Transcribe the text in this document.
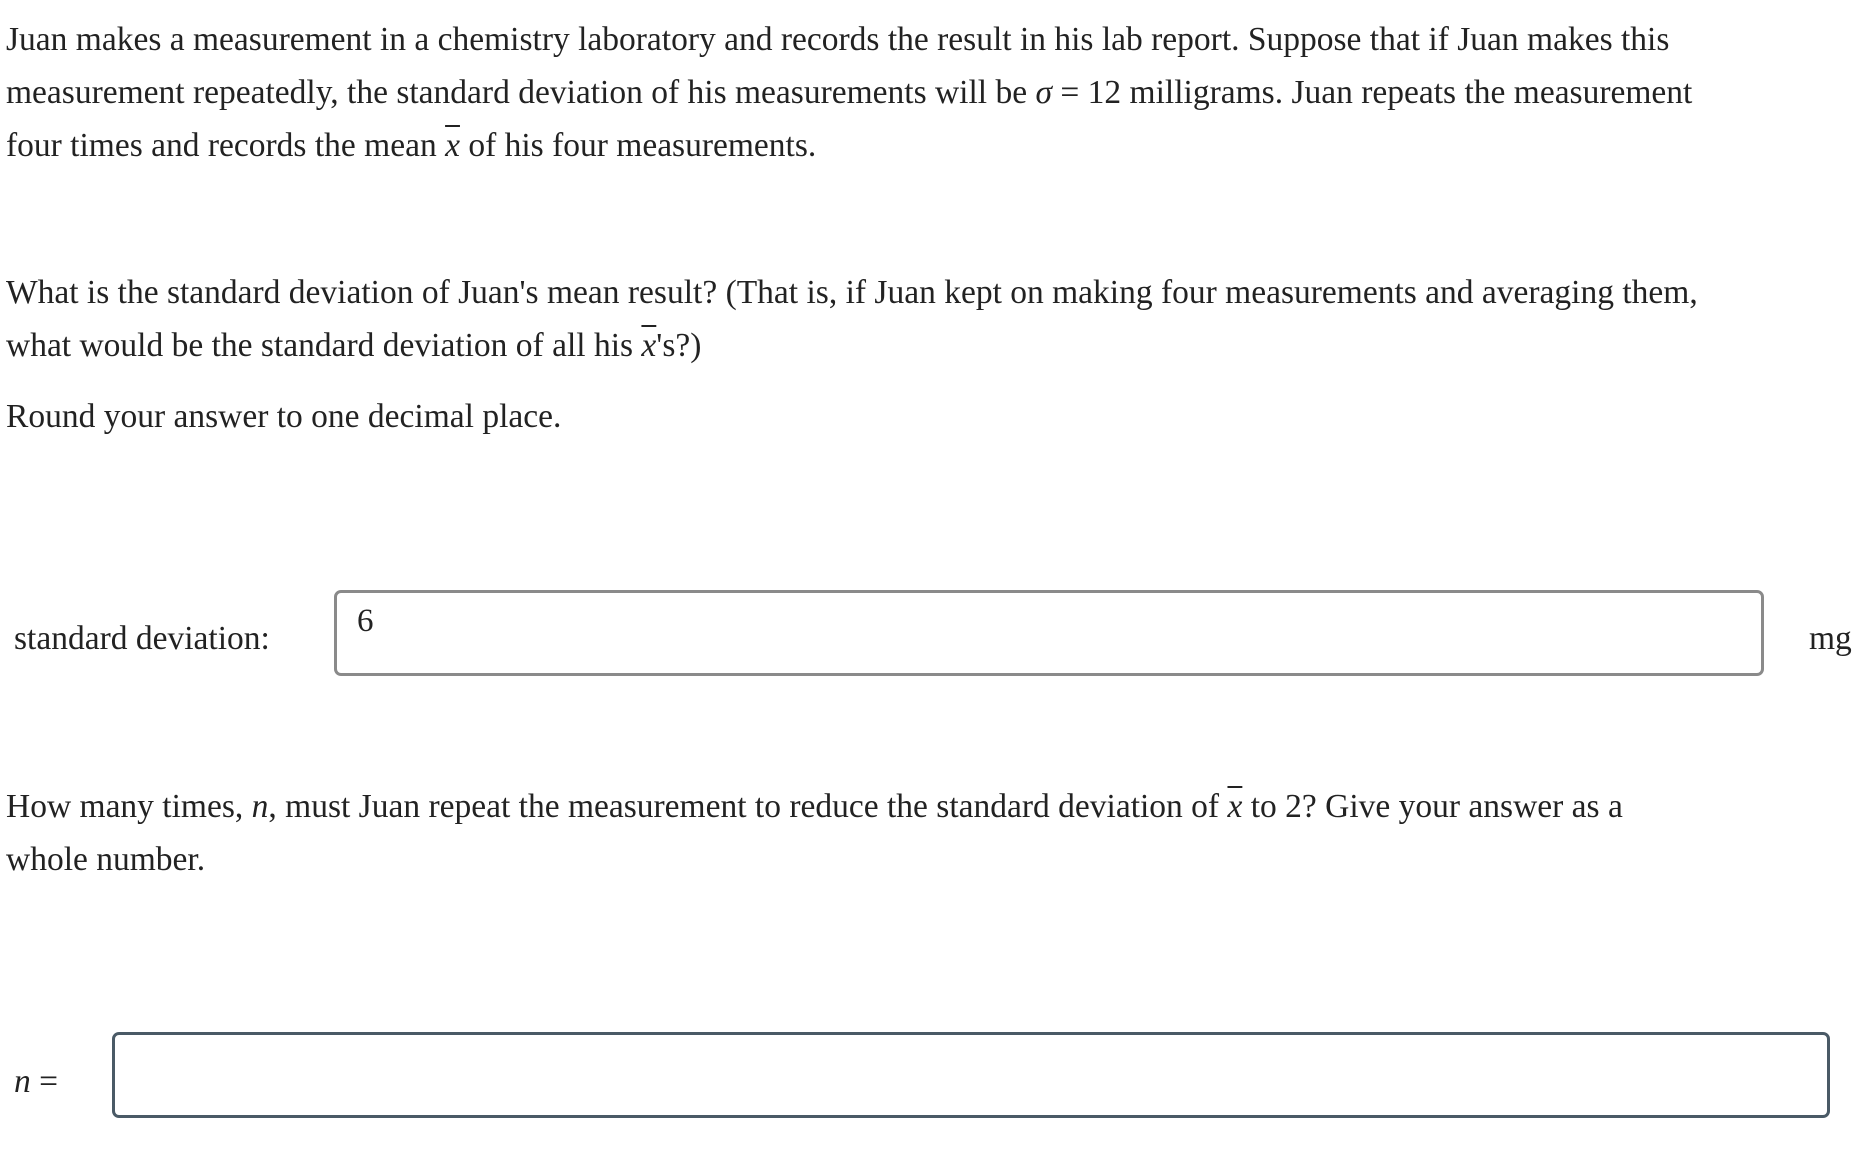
Juan makes a measurement in a chemistry laboratory and records the result in his lab report. Suppose that if Juan makes this
measurement repeatedly, the standard deviation of his measurements will be σ = 12 milligrams. Juan repeats the measurement
four times and records the mean $\overline{x}$ of his four measurements.
What is the standard deviation of Juan's mean result? (That is, if Juan kept on making four measurements and averaging them,
what would be the standard deviation of all his $\overline{x}'s$?)
Round your answer to one decimal place.
standard deviation:	6	mg
How many times, n, must Juan repeat the measurement to reduce the standard deviation of $\overline{x}$ to 2? Give your answer as a
whole number.
n =
